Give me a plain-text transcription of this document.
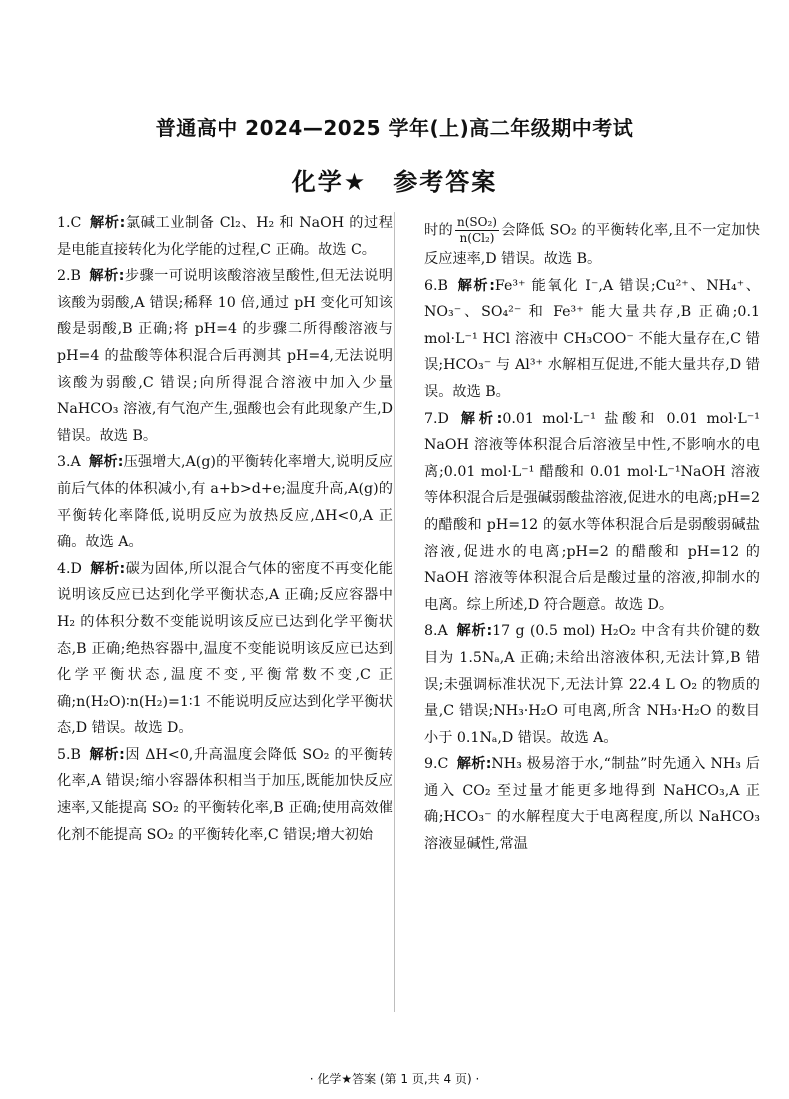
普通高中 2024—2025 学年(上)高二年级期中考试
化学★ 参考答案
1.C 解析:氯碱工业制备 Cl₂、H₂ 和 NaOH 的过程是电能直接转化为化学能的过程,C 正确。故选 C。
2.B 解析:步骤一可说明该酸溶液呈酸性,但无法说明该酸为弱酸,A 错误;稀释 10 倍,通过 pH 变化可知该酸是弱酸,B 正确;将 pH=4 的步骤二所得酸溶液与 pH=4 的盐酸等体积混合后再测其 pH=4,无法说明该酸为弱酸,C 错误;向所得混合溶液中加入少量 NaHCO₃ 溶液,有气泡产生,强酸也会有此现象产生,D 错误。故选 B。
3.A 解析:压强增大,A(g)的平衡转化率增大,说明反应前后气体的体积减小,有 a+b>d+e;温度升高,A(g)的平衡转化率降低,说明反应为放热反应,ΔH<0,A 正确。故选 A。
4.D 解析:碳为固体,所以混合气体的密度不再变化能说明该反应已达到化学平衡状态,A 正确;反应容器中 H₂ 的体积分数不变能说明该反应已达到化学平衡状态,B 正确;绝热容器中,温度不变能说明该反应已达到化学平衡状态,温度不变,平衡常数不变,C 正确;n(H₂O)∶n(H₂)=1∶1 不能说明反应达到化学平衡状态,D 错误。故选 D。
5.B 解析:因 ΔH<0,升高温度会降低 SO₂ 的平衡转化率,A 错误;缩小容器体积相当于加压,既能加快反应速率,又能提高 SO₂ 的平衡转化率,B 正确;使用高效催化剂不能提高 SO₂ 的平衡转化率,C 错误;增大初始
时的 $\frac{\text{n(SO₂)}}{\text{n(Cl₂)}}$ 会降低 SO₂ 的平衡转化率,且不一定加快反应速率,D 错误。故选 B。
6.B 解析:Fe³⁺ 能氧化 I⁻,A 错误;Cu²⁺、NH₄⁺、NO₃⁻、SO₄²⁻ 和 Fe³⁺ 能大量共存,B 正确;0.1 mol·L⁻¹ HCl 溶液中 CH₃COO⁻ 不能大量存在,C 错误;HCO₃⁻ 与 Al³⁺ 水解相互促进,不能大量共存,D 错误。故选 B。
7.D 解析:0.01 mol·L⁻¹ 盐酸和 0.01 mol·L⁻¹ NaOH 溶液等体积混合后溶液呈中性,不影响水的电离;0.01 mol·L⁻¹ 醋酸和 0.01 mol·L⁻¹NaOH 溶液等体积混合后是强碱弱酸盐溶液,促进水的电离;pH=2 的醋酸和 pH=12 的氨水等体积混合后是弱酸弱碱盐溶液,促进水的电离;pH=2 的醋酸和 pH=12 的 NaOH 溶液等体积混合后是酸过量的溶液,抑制水的电离。综上所述,D 符合题意。故选 D。
8.A 解析:17 g (0.5 mol) H₂O₂ 中含有共价键的数目为 1.5Nₐ,A 正确;未给出溶液体积,无法计算,B 错误;未强调标准状况下,无法计算 22.4 L O₂ 的物质的量,C 错误;NH₃·H₂O 可电离,所含 NH₃·H₂O 的数目小于 0.1Nₐ,D 错误。故选 A。
9.C 解析:NH₃ 极易溶于水,“制盐”时先通入 NH₃ 后通入 CO₂ 至过量才能更多地得到 NaHCO₃,A 正确;HCO₃⁻ 的水解程度大于电离程度,所以 NaHCO₃ 溶液显碱性,常温
· 化学★答案 (第 1 页,共 4 页) ·
